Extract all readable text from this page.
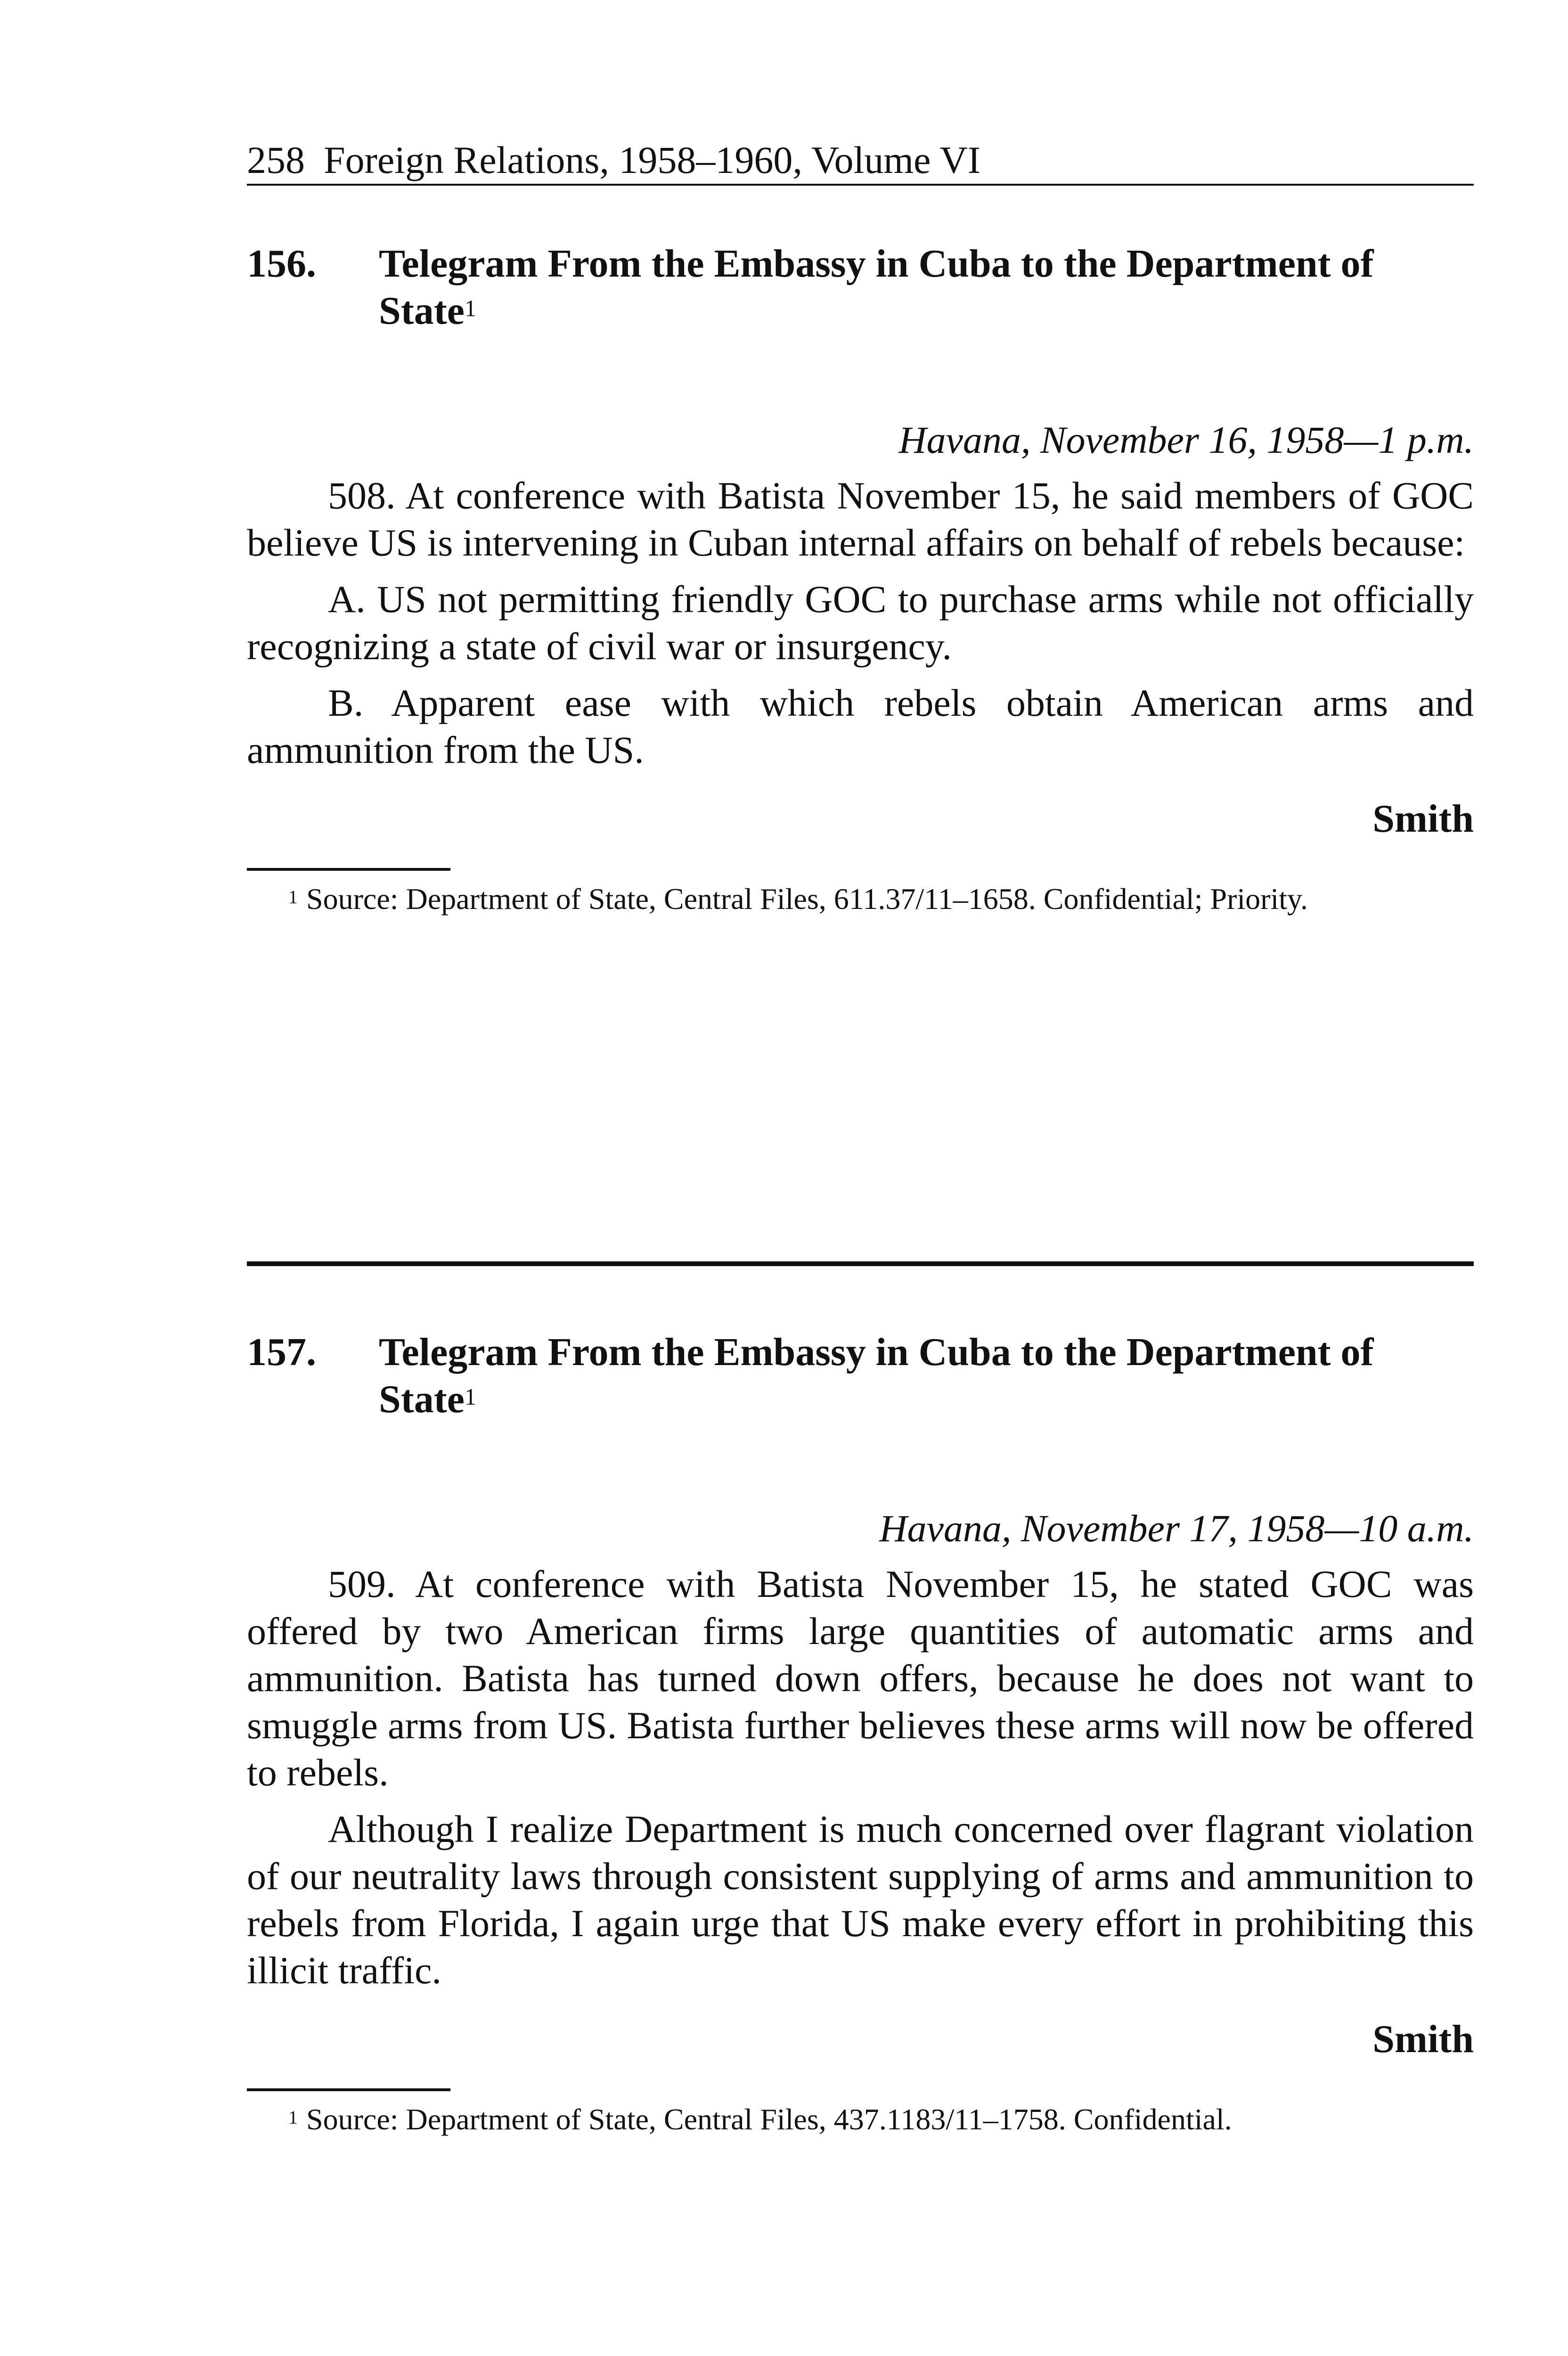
258 Foreign Relations, 1958–1960, Volume VI
156.	Telegram From the Embassy in Cuba to the Department of State$^1$
Havana, November 16, 1958—1 p.m.

508. At conference with Batista November 15, he said members of GOC believe US is intervening in Cuban internal affairs on behalf of rebels because:

A. US not permitting friendly GOC to purchase arms while not officially recognizing a state of civil war or insurgency.

B. Apparent ease with which rebels obtain American arms and ammunition from the US.

Smith

$^1$ Source: Department of State, Central Files, 611.37/11–1658. Confidential; Priority.

157.	Telegram From the Embassy in Cuba to the Department of State$^1$
Havana, November 17, 1958—10 a.m.

509. At conference with Batista November 15, he stated GOC was offered by two American firms large quantities of automatic arms and ammunition. Batista has turned down offers, because he does not want to smuggle arms from US. Batista further believes these arms will now be offered to rebels.

Although I realize Department is much concerned over flagrant violation of our neutrality laws through consistent supplying of arms and ammunition to rebels from Florida, I again urge that US make every effort in prohibiting this illicit traffic.

Smith

$^1$ Source: Department of State, Central Files, 437.1183/11–1758. Confidential.
